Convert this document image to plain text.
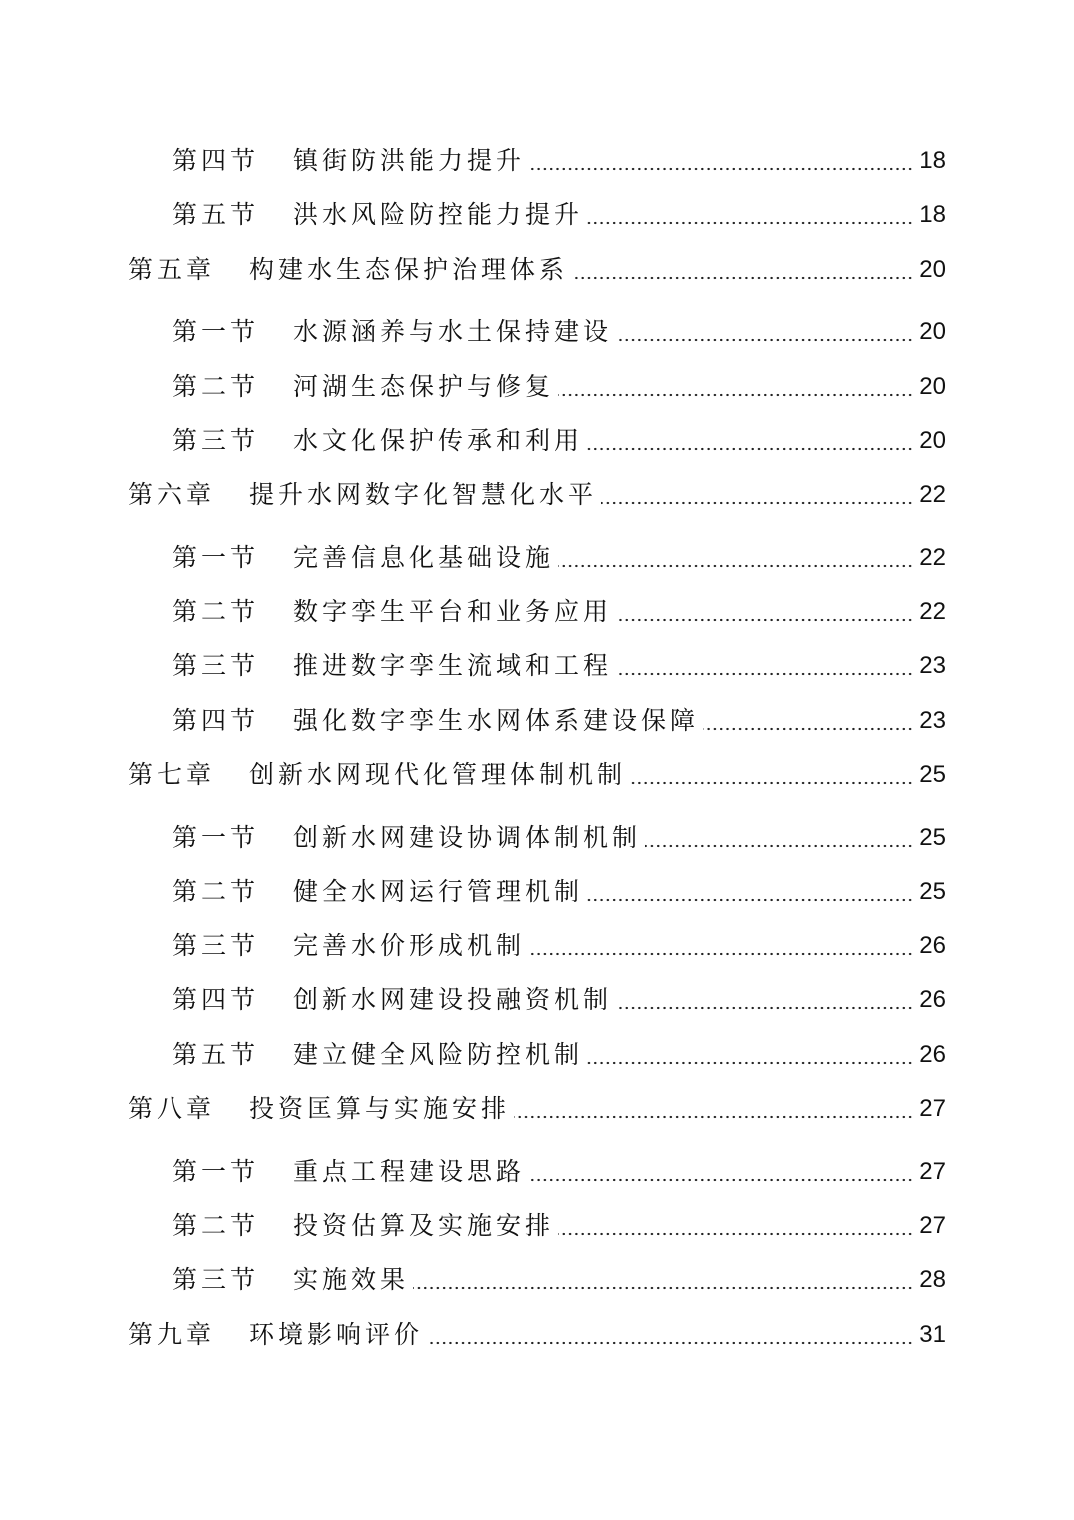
第四节 镇街防洪能力提升	18
第五节 洪水风险防控能力提升	18
第五章 构建水生态保护治理体系	20
第一节 水源涵养与水土保持建设	20
第二节 河湖生态保护与修复	20
第三节 水文化保护传承和利用	20
第六章 提升水网数字化智慧化水平	22
第一节 完善信息化基础设施	22
第二节 数字孪生平台和业务应用	22
第三节 推进数字孪生流域和工程	23
第四节 强化数字孪生水网体系建设保障	23
第七章 创新水网现代化管理体制机制	25
第一节 创新水网建设协调体制机制	25
第二节 健全水网运行管理机制	25
第三节 完善水价形成机制	26
第四节 创新水网建设投融资机制	26
第五节 建立健全风险防控机制	26
第八章 投资匡算与实施安排	27
第一节 重点工程建设思路	27
第二节 投资估算及实施安排	27
第三节 实施效果	28
第九章 环境影响评价	31
